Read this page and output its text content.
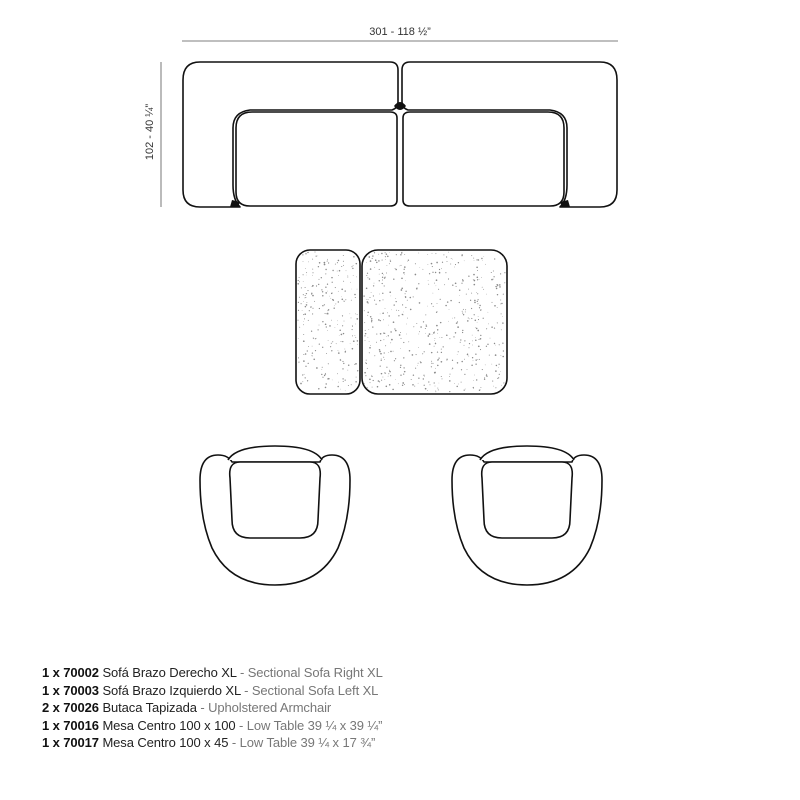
301 - 118 ½”
102 - 40 ¼”
1 x 70002 Sofá Brazo Derecho XL - Sectional Sofa Right XL
1 x 70003 Sofá Brazo Izquierdo XL - Sectional Sofa Left XL
2 x 70026 Butaca Tapizada - Upholstered Armchair
1 x 70016 Mesa Centro 100 x 100 - Low Table 39 ¼ x 39 ¼”
1 x 70017 Mesa Centro 100 x 45 - Low Table 39 ¼ x 17 ¾”
